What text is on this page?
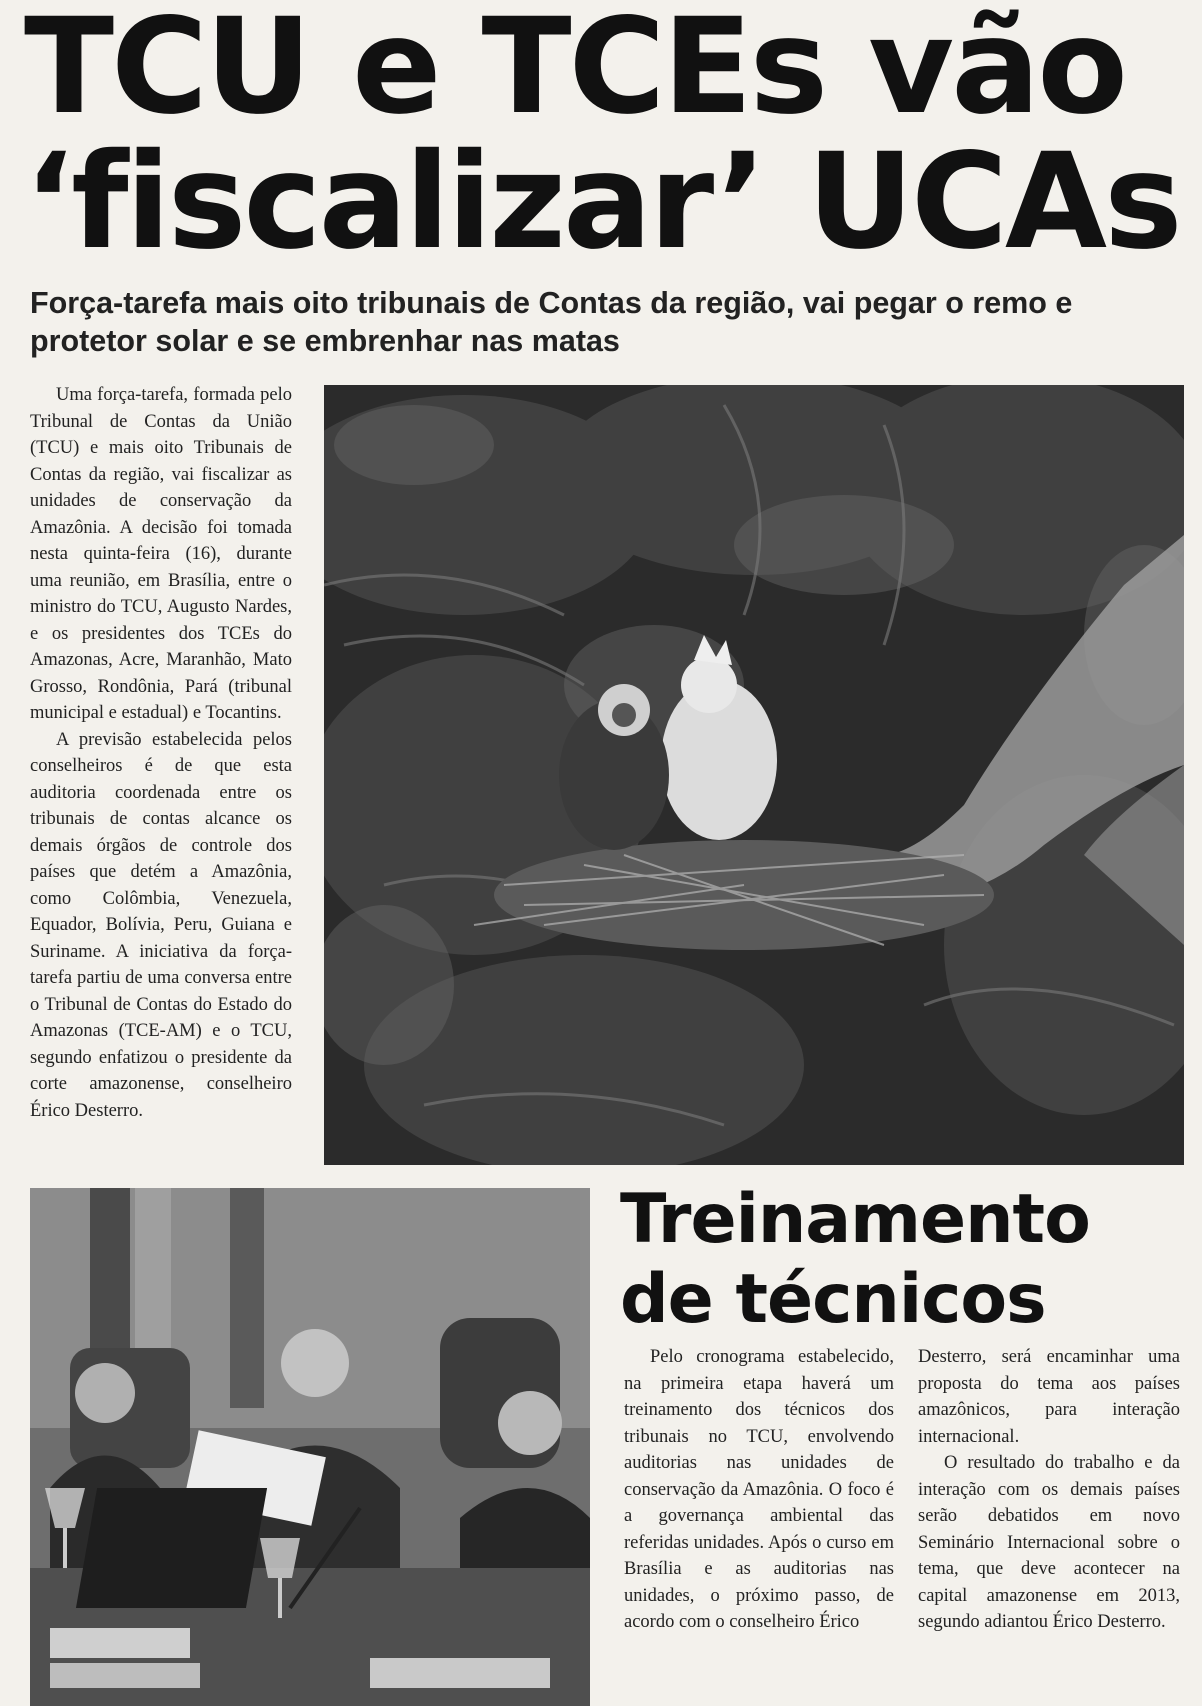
TCU e TCEs vão
‘fiscalizar’ UCAs
Força-tarefa mais oito tribunais de Contas da região, vai pegar o remo e protetor solar e se embrenhar nas matas

Uma força-tarefa, formada pelo Tribunal de Contas da União (TCU) e mais oito Tribunais de Contas da região, vai fiscalizar as unidades de conservação da Amazônia. A decisão foi tomada nesta quinta-feira (16), durante uma reunião, em Brasília, entre o ministro do TCU, Augusto Nardes, e os presidentes dos TCEs do Amazonas, Acre, Maranhão, Mato Grosso, Rondônia, Pará (tribunal municipal e estadual) e Tocantins.

A previsão estabelecida pelos conselheiros é de que esta auditoria coordenada entre os tribunais de contas alcance os demais órgãos de controle dos países que detém a Amazônia, como Colômbia, Venezuela, Equador, Bolívia, Peru, Guiana e Suriname. A iniciativa da força-tarefa partiu de uma conversa entre o Tribunal de Contas do Estado do Amazonas (TCE-AM) e o TCU, segundo enfatizou o presidente da corte amazonense, conselheiro Érico Desterro.

Treinamento
de técnicos

Pelo cronograma estabelecido, na primeira etapa haverá um treinamento dos técnicos dos tribunais no TCU, envolvendo auditorias nas unidades de conservação da Amazônia. O foco é a governança ambiental das referidas unidades. Após o curso em Brasília e as auditorias nas unidades, o próximo passo, de acordo com o conselheiro Érico

Desterro, será encaminhar uma proposta do tema aos países amazônicos, para interação internacional.

O resultado do trabalho e da interação com os demais países serão debatidos em novo Seminário Internacional sobre o tema, que deve acontecer na capital amazonense em 2013, segundo adiantou Érico Desterro.
